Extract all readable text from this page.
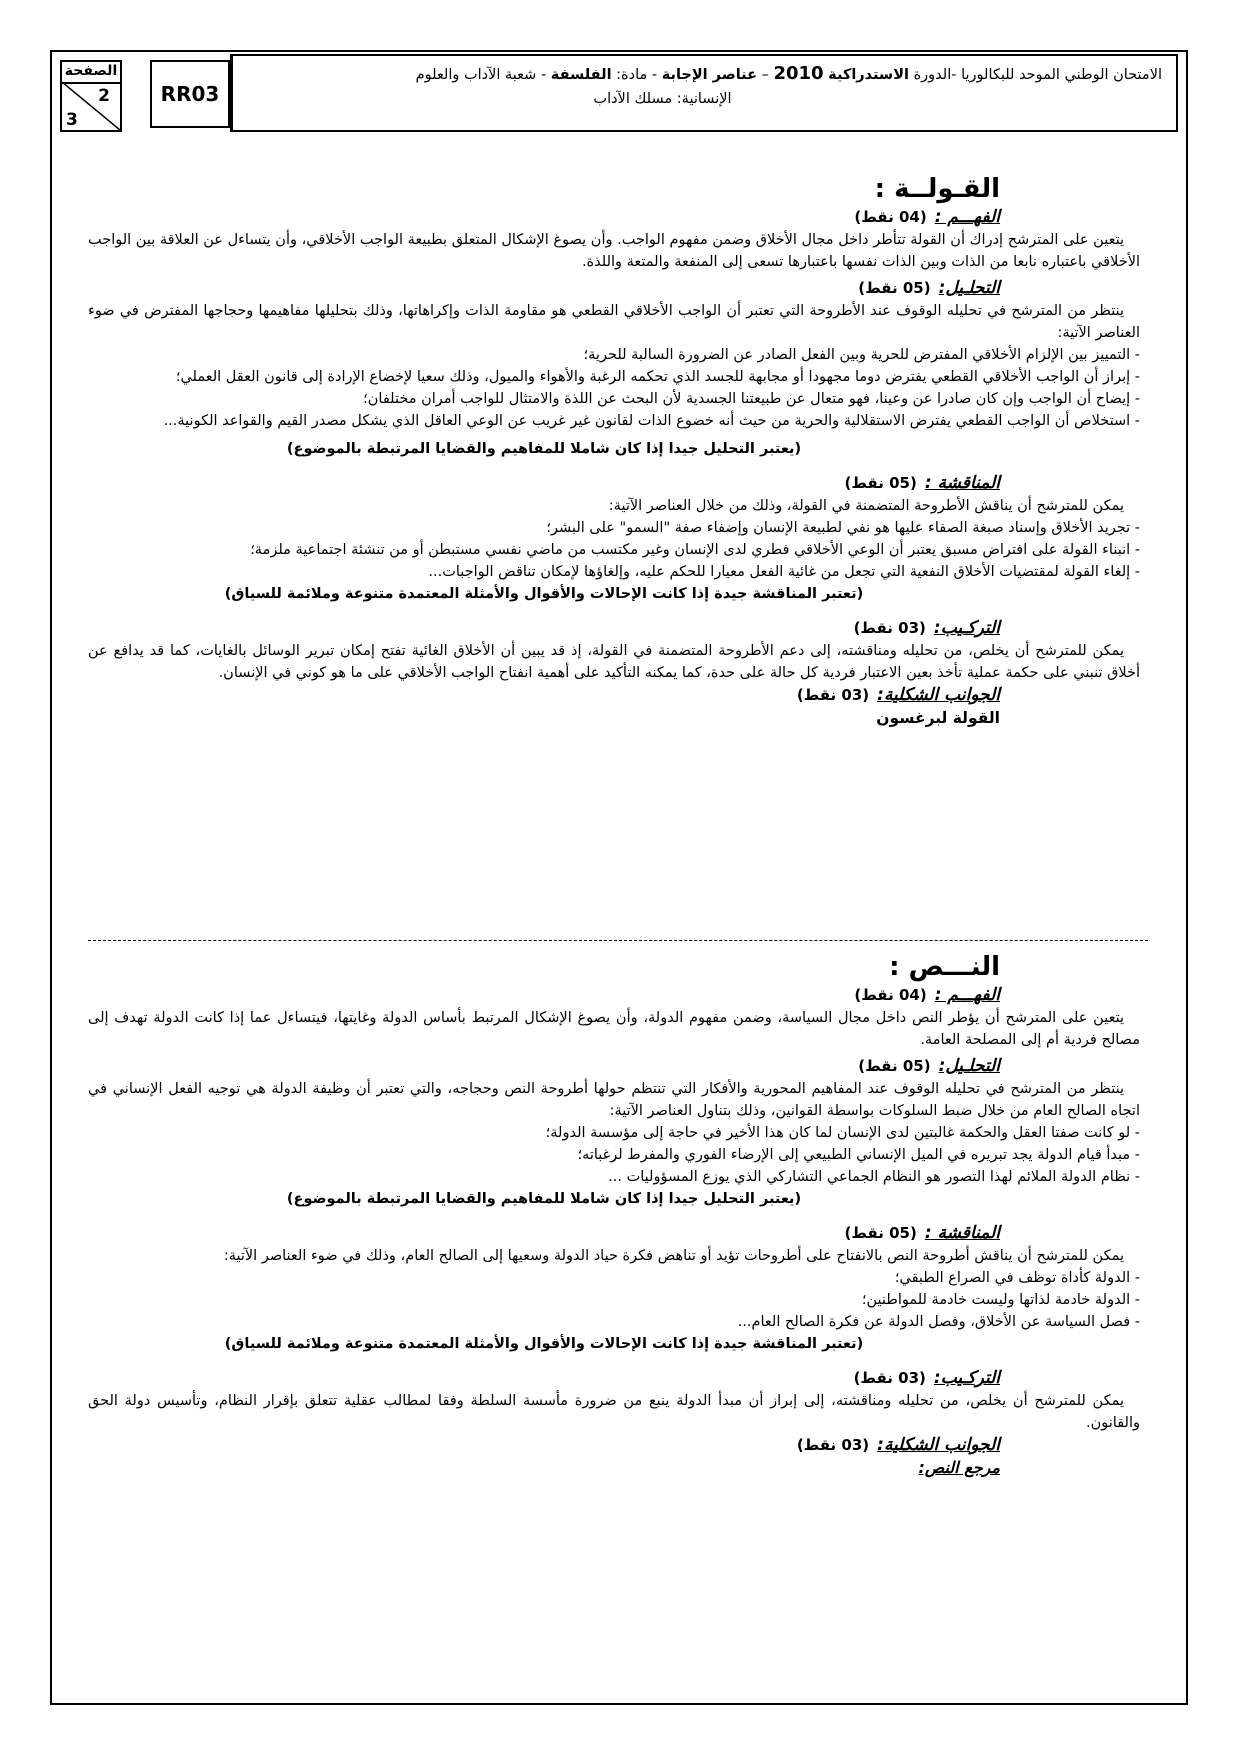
الصفحة
2
3
RR03
الامتحان الوطني الموحد للبكالوريا -الدورة الاستدراكية 2010 – عناصر الإجابة - مادة: الفلسفة - شعبة الآداب والعلوم
الإنسانية: مسلك الآداب
القـولــة :
الفهـــم :(04 نقط)

يتعين على المترشح إدراك أن القولة تتأطر داخل مجال الأخلاق وضمن مفهوم الواجب. وأن يصوغ الإشكال المتعلق بطبيعة الواجب الأخلاقي، وأن يتساءل عن العلاقة بين الواجب الأخلاقي باعتباره نابعا من الذات وبين الذات نفسها باعتبارها تسعى إلى المنفعة والمتعة واللذة.

التحلـيل:(05 نقط)

ينتظر من المترشح في تحليله الوقوف عند الأطروحة التي تعتبر أن الواجب الأخلاقي القطعي هو مقاومة الذات وإكراهاتها، وذلك بتحليلها مفاهيمها وحجاجها المفترض في ضوء العناصر الآتية:

- التمييز بين الإلزام الأخلاقي المفترض للحرية وبين الفعل الصادر عن الضرورة السالبة للحرية؛

- إبراز أن الواجب الأخلاقي القطعي يفترض دوما مجهودا أو مجابهة للجسد الذي تحكمه الرغبة والأهواء والميول، وذلك سعيا لإخضاع الإرادة إلى قانون العقل العملي؛

- إيضاح أن الواجب وإن كان صادرا عن وعينا، فهو متعال عن طبيعتنا الجسدية لأن البحث عن اللذة والامتثال للواجب أمران مختلفان؛

- استخلاص أن الواجب القطعي يفترض الاستقلالية والحرية من حيث أنه خضوع الذات لقانون غير غريب عن الوعي العاقل الذي يشكل مصدر القيم والقواعد الكونية...

(يعتبر التحليل جيدا إذا كان شاملا للمفاهيم والقضايا المرتبطة بالموضوع)

المناقشة :(05 نقط)

يمكن للمترشح أن يناقش الأطروحة المتضمنة في القولة، وذلك من خلال العناصر الآتية:

- تجريد الأخلاق وإسناد صبغة الصفاء عليها هو نفي لطبيعة الإنسان وإضفاء صفة "السمو" على البشر؛

- انبناء القولة على افتراض مسبق يعتبر أن الوعي الأخلاقي فطري لدى الإنسان وغير مكتسب من ماضي نفسي مستبطن أو من تنشئة اجتماعية ملزمة؛

- إلغاء القولة لمقتضيات الأخلاق النفعية التي تجعل من غائية الفعل معيارا للحكم عليه، وإلغاؤها لإمكان تناقض الواجبات...

(تعتبر المناقشة جيدة إذا كانت الإحالات والأقوال والأمثلة المعتمدة متنوعة وملائمة للسياق)

التركـيب:(03 نقط)

يمكن للمترشح أن يخلص، من تحليله ومناقشته، إلى دعم الأطروحة المتضمنة في القولة، إذ قد يبين أن الأخلاق الغائية تفتح إمكان تبرير الوسائل بالغايات، كما قد يدافع عن أخلاق تنبني على حكمة عملية تأخذ بعين الاعتبار فردية كل حالة على حدة، كما يمكنه التأكيد على أهمية انفتاح الواجب الأخلاقي على ما هو كوني في الإنسان.

الجوانب الشكلية:(03 نقط)

القولة لبرغسون

النـــص :
الفهـــم :(04 نقط)

يتعين على المترشح أن يؤطر النص داخل مجال السياسة، وضمن مفهوم الدولة، وأن يصوغ الإشكال المرتبط بأساس الدولة وغايتها، فيتساءل عما إذا كانت الدولة تهدف إلى مصالح فردية أم إلى المصلحة العامة.

التحلـيل:(05 نقط)

ينتظر من المترشح في تحليله الوقوف عند المفاهيم المحورية والأفكار التي تنتظم حولها أطروحة النص وحجاجه، والتي تعتبر أن وظيفة الدولة هي توجيه الفعل الإنساني في اتجاه الصالح العام من خلال ضبط السلوكات بواسطة القوانين، وذلك بتناول العناصر الآتية:

- لو كانت صفتا العقل والحكمة غالبتين لدى الإنسان لما كان هذا الأخير في حاجة إلى مؤسسة الدولة؛

- مبدأ قيام الدولة يجد تبريره في الميل الإنساني الطبيعي إلى الإرضاء الفوري والمفرط لرغباته؛

- نظام الدولة الملائم لهذا التصور هو النظام الجماعي التشاركي الذي يوزع المسؤوليات ...

(يعتبر التحليل جيدا إذا كان شاملا للمفاهيم والقضايا المرتبطة بالموضوع)

المناقشة :(05 نقط)

يمكن للمترشح أن يناقش أطروحة النص بالانفتاح على أطروحات تؤيد أو تناهض فكرة حياد الدولة وسعيها إلى الصالح العام، وذلك في ضوء العناصر الآتية:

- الدولة كأداة توظف في الصراع الطبقي؛

- الدولة خادمة لذاتها وليست خادمة للمواطنين؛

- فصل السياسة عن الأخلاق، وفصل الدولة عن فكرة الصالح العام...

(تعتبر المناقشة جيدة إذا كانت الإحالات والأقوال والأمثلة المعتمدة متنوعة وملائمة للسياق)

التركـيب:(03 نقط)

يمكن للمترشح أن يخلص، من تحليله ومناقشته، إلى إبراز أن مبدأ الدولة ينبع من ضرورة مأسسة السلطة وفقا لمطالب عقلية تتعلق بإقرار النظام، وتأسيس دولة الحق والقانون.

الجوانب الشكلية:(03 نقط)

مرجع النص:
